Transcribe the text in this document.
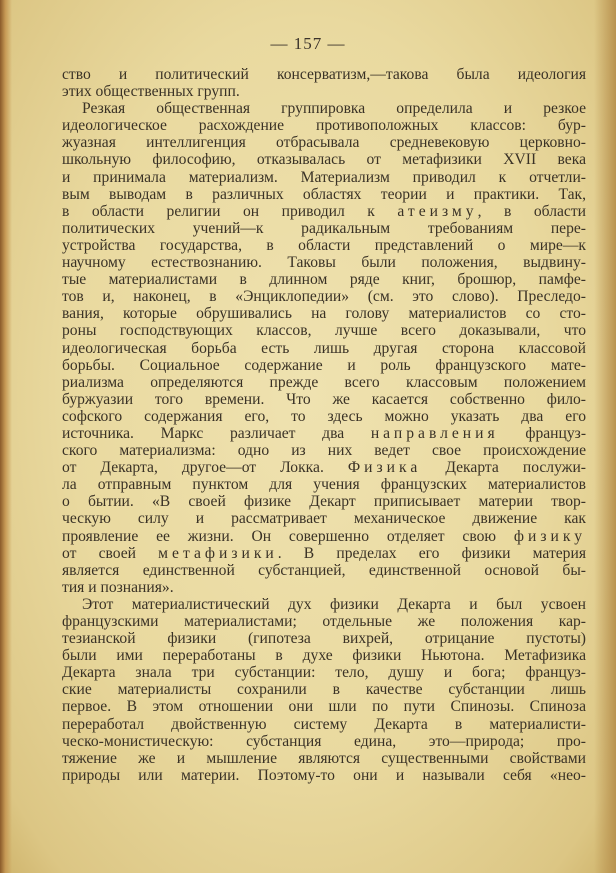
— 157 —
ство и политический консерватизм,—такова была идеология
этих общественных групп.
Резкая общественная группировка определила и резкое
идеологическое расхождение противоположных классов: бур-
жуазная интеллигенция отбрасывала средневековую церковно-
школьную философию, отказывалась от метафизики XVII века
и принимала материализм. Материализм приводил к отчетли-
вым выводам в различных областях теории и практики. Так,
в области религии он приводил к атеизму, в области
политических учений—к радикальным требованиям пере-
устройства государства, в области представлений о мире—к
научному естествознанию. Таковы были положения, выдвину-
тые материалистами в длинном ряде книг, брошюр, памфе-
тов и, наконец, в «Энциклопедии» (см. это слово). Преследо-
вания, которые обрушивались на голову материалистов со сто-
роны господствующих классов, лучше всего доказывали, что
идеологическая борьба есть лишь другая сторона классовой
борьбы. Социальное содержание и роль французского мате-
риализма определяются прежде всего классовым положением
буржуазии того времени. Что же касается собственно фило-
софского содержания его, то здесь можно указать два его
источника. Маркс различает два направления француз-
ского материализма: одно из них ведет свое происхождение
от Декарта, другое—от Локка. Физика Декарта послужи-
ла отправным пунктом для учения французских материалистов
о бытии. «В своей физике Декарт приписывает материи твор-
ческую силу и рассматривает механическое движение как
проявление ее жизни. Он совершенно отделяет свою физику
от своей метафизики. В пределах его физики материя
является единственной субстанцией, единственной основой бы-
тия и познания».
Этот материалистический дух физики Декарта и был усвоен
французскими материалистами; отдельные же положения кар-
тезианской физики (гипотеза вихрей, отрицание пустоты)
были ими переработаны в духе физики Ньютона. Метафизика
Декарта знала три субстанции: тело, душу и бога; француз-
ские материалисты сохранили в качестве субстанции лишь
первое. В этом отношении они шли по пути Спинозы. Спиноза
переработал двойственную систему Декарта в материалисти-
ческо-монистическую: субстанция едина, это—природа; про-
тяжение же и мышление являются существенными свойствами
природы или материи. Поэтому-то они и называли себя «нео-
